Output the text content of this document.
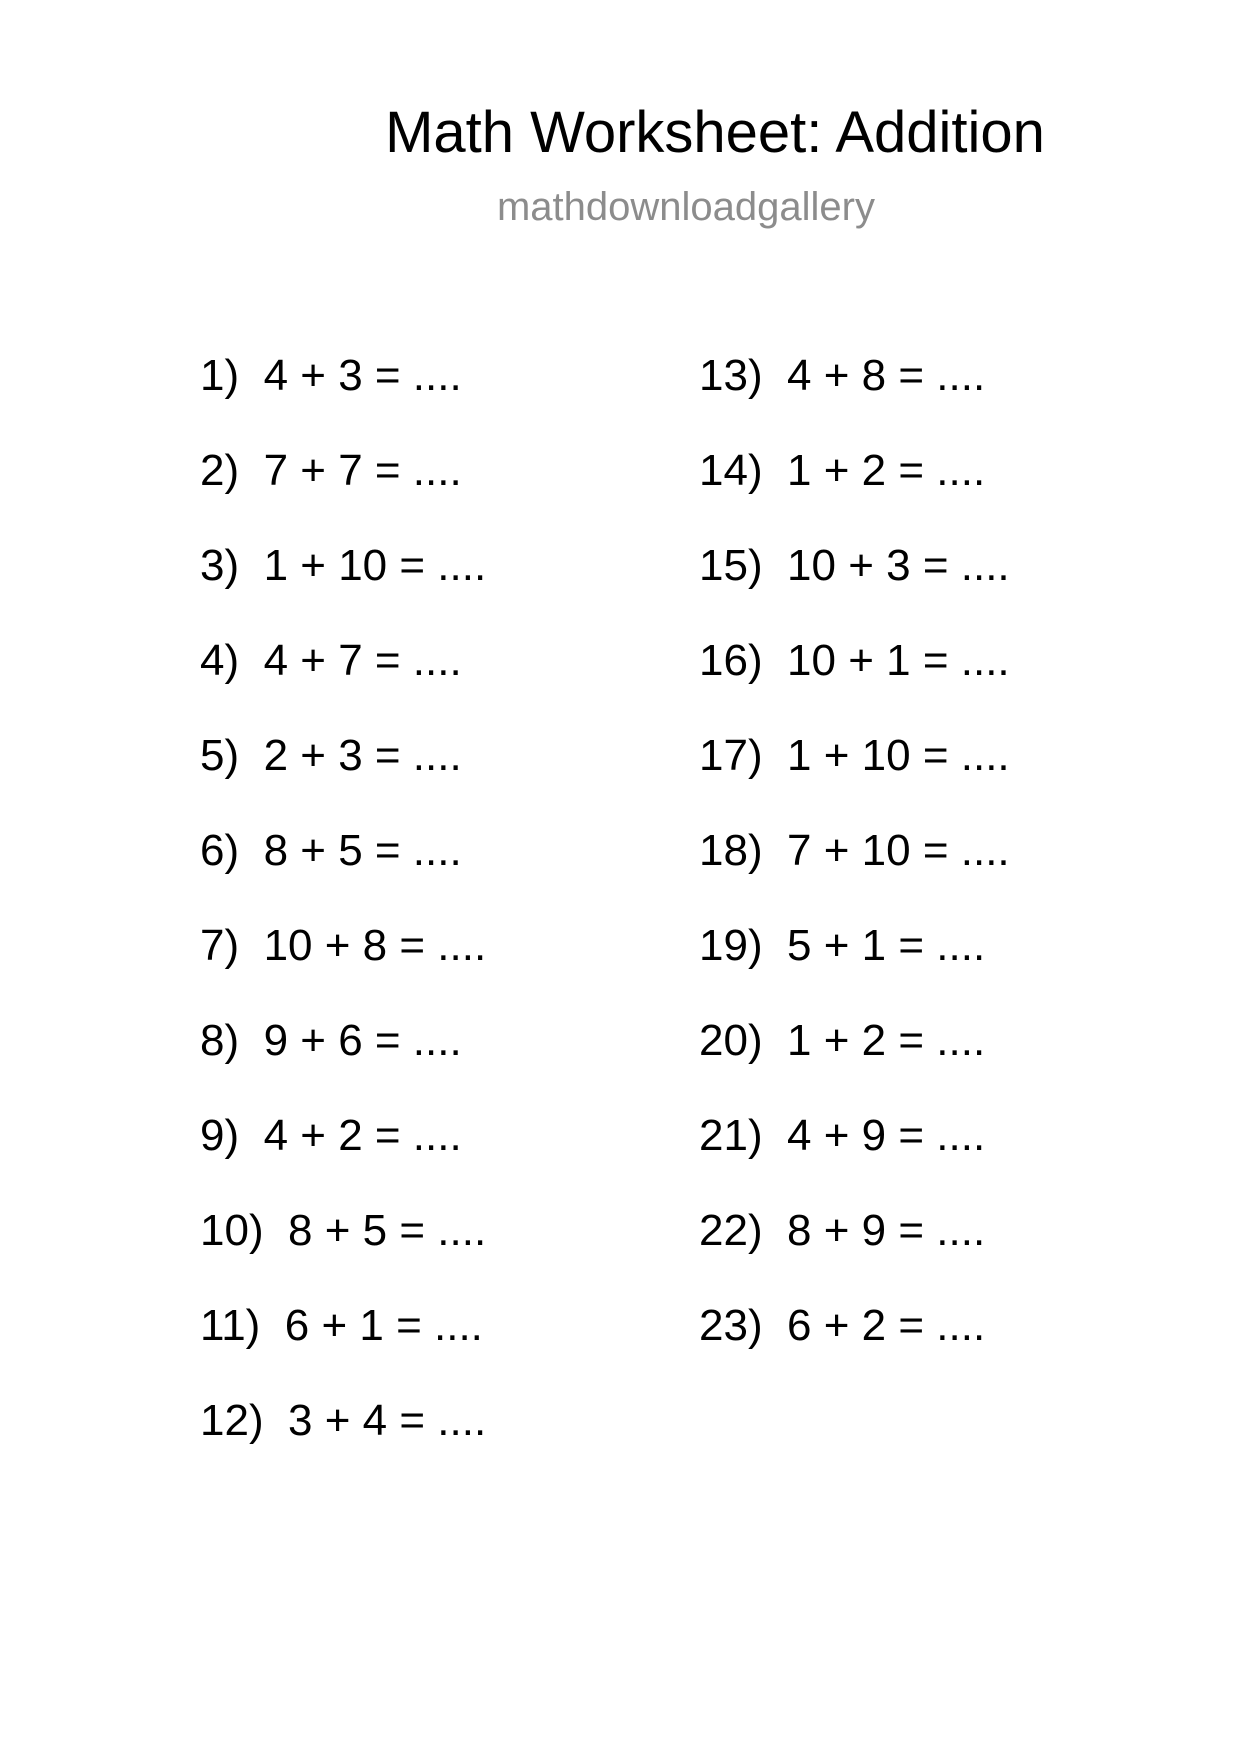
Math Worksheet: Addition
mathdownloadgallery
1)  4 + 3 = ....
2)  7 + 7 = ....
3)  1 + 10 = ....
4)  4 + 7 = ....
5)  2 + 3 = ....
6)  8 + 5 = ....
7)  10 + 8 = ....
8)  9 + 6 = ....
9)  4 + 2 = ....
10)  8 + 5 = ....
11)  6 + 1 = ....
12)  3 + 4 = ....
13)  4 + 8 = ....
14)  1 + 2 = ....
15)  10 + 3 = ....
16)  10 + 1 = ....
17)  1 + 10 = ....
18)  7 + 10 = ....
19)  5 + 1 = ....
20)  1 + 2 = ....
21)  4 + 9 = ....
22)  8 + 9 = ....
23)  6 + 2 = ....
